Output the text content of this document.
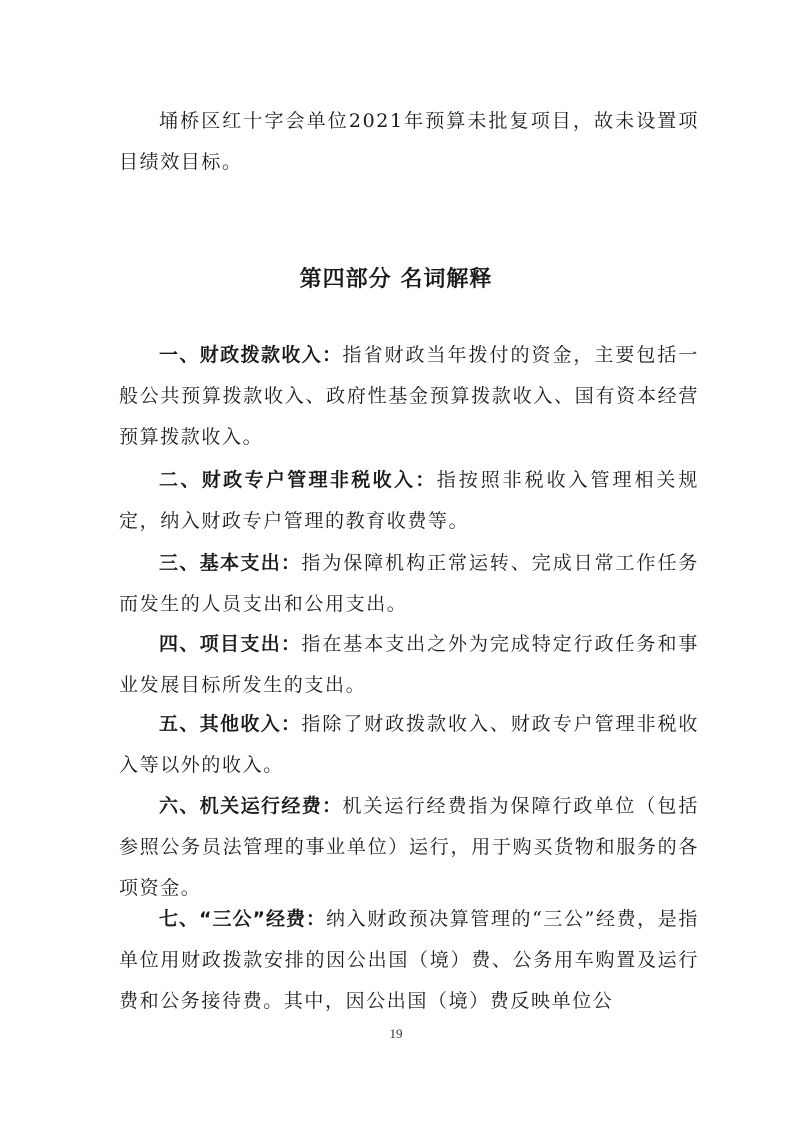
埇桥区红十字会单位2021年预算未批复项目，故未设置项目绩效目标。

第四部分 名词解释

一、财政拨款收入：指省财政当年拨付的资金，主要包括一般公共预算拨款收入、政府性基金预算拨款收入、国有资本经营预算拨款收入。

二、财政专户管理非税收入：指按照非税收入管理相关规定，纳入财政专户管理的教育收费等。

三、基本支出：指为保障机构正常运转、完成日常工作任务而发生的人员支出和公用支出。

四、项目支出：指在基本支出之外为完成特定行政任务和事业发展目标所发生的支出。

五、其他收入：指除了财政拨款收入、财政专户管理非税收入等以外的收入。

六、机关运行经费：机关运行经费指为保障行政单位（包括参照公务员法管理的事业单位）运行，用于购买货物和服务的各项资金。

七、“三公”经费：纳入财政预决算管理的“三公”经费，是指单位用财政拨款安排的因公出国（境）费、公务用车购置及运行费和公务接待费。其中，因公出国（境）费反映单位公

19
